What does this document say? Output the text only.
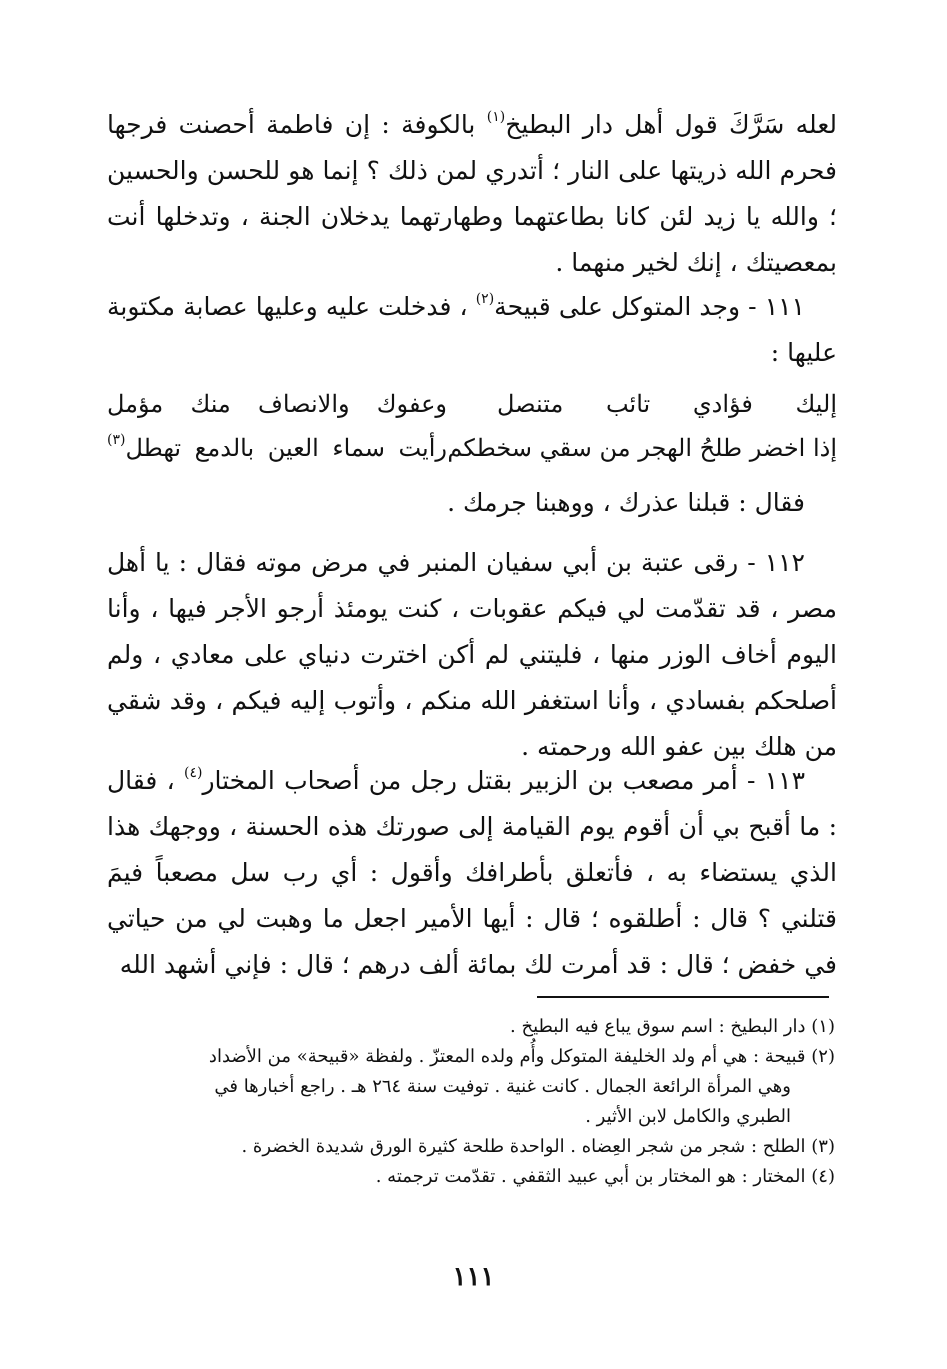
لعله سَرَّكَ قول أهل دار البطيخ$^{(١)}$ بالكوفة : إن فاطمة أحصنت فرجها فحرم الله ذريتها على النار ؛ أتدري لمن ذلك ؟ إنما هو للحسن والحسين ؛ والله يا زيد لئن كانا بطاعتهما وطهارتهما يدخلان الجنة ، وتدخلها أنت بمعصيتك ، إنك لخير منهما .

١١١ - وجد المتوكل على قبيحة$^{(٢)}$ ، فدخلت عليه وعليها عصابة مكتوبة عليها :

إليك فؤادي تائب متنصل
وعفوك والانصاف منك مؤمل
إذا اخضر طلحُ الهجر من سقي سخطكم
رأيت سماء العين بالدمع تهطل$^{(٣)}$

فقال : قبلنا عذرك ، ووهبنا جرمك .

١١٢ - رقى عتبة بن أبي سفيان المنبر في مرض موته فقال : يا أهل مصر ، قد تقدّمت لي فيكم عقوبات ، كنت يومئذ أرجو الأجر فيها ، وأنا اليوم أخاف الوزر منها ، فليتني لم أكن اخترت دنياي على معادي ، ولم أصلحكم بفسادي ، وأنا استغفر الله منكم ، وأتوب إليه فيكم ، وقد شقي من هلك بين عفو الله ورحمته .

١١٣ - أمر مصعب بن الزبير بقتل رجل من أصحاب المختار$^{(٤)}$ ، فقال : ما أقبح بي أن أقوم يوم القيامة إلى صورتك هذه الحسنة ، ووجهك هذا الذي يستضاء به ، فأتعلق بأطرافك وأقول : أي رب سل مصعباً فيمَ قتلني ؟ قال : أطلقوه ؛ قال : أيها الأمير اجعل ما وهبت لي من حياتي في خفض ؛ قال : قد أمرت لك بمائة ألف درهم ؛ قال : فإني أشهد الله

(١) دار البطيخ : اسم سوق يباع فيه البطيخ .

(٢) قبيحة : هي أم ولد الخليفة المتوكل وأُم ولده المعتزّ . ولفظة «قبيحة» من الأضداد

وهي المرأة الرائعة الجمال . كانت غنية . توفيت سنة ٢٦٤ هـ . راجع أخبارها في

الطبري والكامل لابن الأثير .

(٣) الطلح : شجر من شجر العِضاه . الواحدة طلحة كثيرة الورق شديدة الخضرة .

(٤) المختار : هو المختار بن أبي عبيد الثقفي . تقدّمت ترجمته .

١١١
